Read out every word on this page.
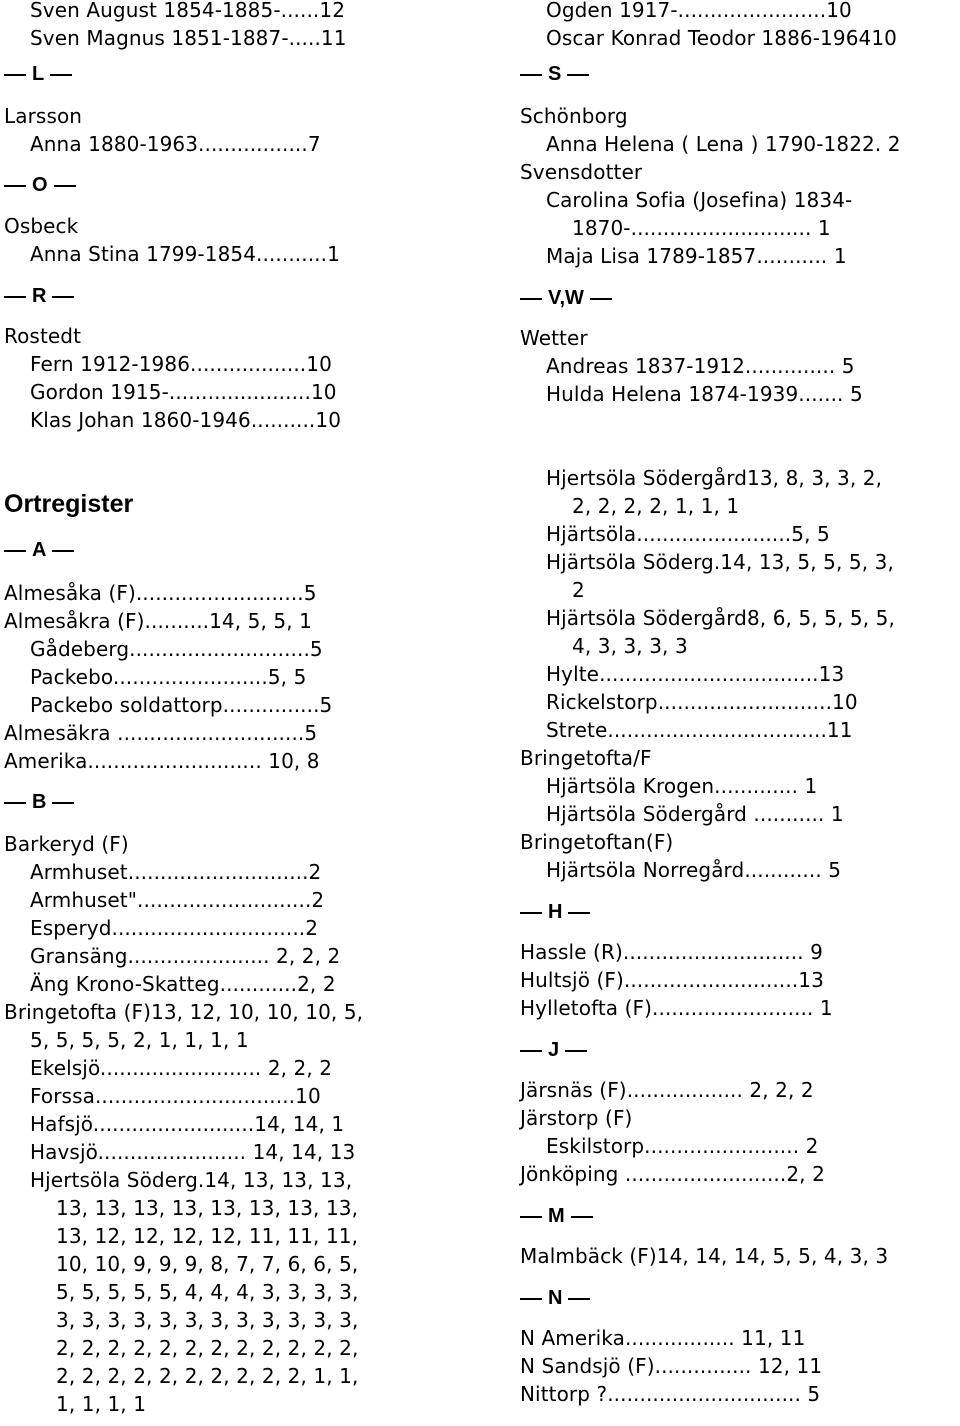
Sven August 1854-1885-......12
Sven Magnus 1851-1887-.....11
L
Larsson
Anna 1880-1963.................7
O
Osbeck
Anna Stina 1799-1854...........1
R
Rostedt
Fern 1912-1986..................10
Gordon 1915-......................10
Klas Johan 1860-1946..........10
Ogden 1917-.......................10
Oscar Konrad Teodor 1886-196410
S
Schönborg
Anna Helena ( Lena ) 1790-1822. 2
Svensdotter
Carolina Sofia (Josefina) 1834-
1870-............................ 1
Maja Lisa 1789-1857........... 1
V,W
Wetter
Andreas 1837-1912.............. 5
Hulda Helena 1874-1939....... 5
Ortregister
A
Almesåka (F)..........................5
Almesåkra (F)..........14, 5, 5, 1
Gådeberg............................5
Packebo........................5, 5
Packebo soldattorp...............5
Almesäkra .............................5
Amerika........................... 10, 8
B
Barkeryd (F)
Armhuset............................2
Armhuset"...........................2
Esperyd..............................2
Gransäng...................... 2, 2, 2
Äng Krono-Skatteg............2, 2
Bringetofta (F)13, 12, 10, 10, 10, 5,
5, 5, 5, 5, 2, 1, 1, 1, 1
Ekelsjö......................... 2, 2, 2
Forssa...............................10
Hafsjö.........................14, 14, 1
Havsjö....................... 14, 14, 13
Hjertsöla Söderg.14, 13, 13, 13,
13, 13, 13, 13, 13, 13, 13, 13,
13, 12, 12, 12, 12, 11, 11, 11,
10, 10, 9, 9, 9, 8, 7, 7, 6, 6, 5,
5, 5, 5, 5, 5, 4, 4, 4, 3, 3, 3, 3,
3, 3, 3, 3, 3, 3, 3, 3, 3, 3, 3, 3,
2, 2, 2, 2, 2, 2, 2, 2, 2, 2, 2, 2,
2, 2, 2, 2, 2, 2, 2, 2, 2, 2, 1, 1,
1, 1, 1, 1
Hjertsöla Södergård13, 8, 3, 3, 2,
2, 2, 2, 2, 1, 1, 1
Hjärtsöla........................5, 5
Hjärtsöla Söderg.14, 13, 5, 5, 5, 3,
2
Hjärtsöla Södergård8, 6, 5, 5, 5, 5,
4, 3, 3, 3, 3
Hylte..................................13
Rickelstorp...........................10
Strete..................................11
Bringetofta/F
Hjärtsöla Krogen............. 1
Hjärtsöla Södergård ........... 1
Bringetoftan(F)
Hjärtsöla Norregård............ 5
H
Hassle (R)............................ 9
Hultsjö (F)...........................13
Hylletofta (F)......................... 1
J
Järsnäs (F).................. 2, 2, 2
Järstorp (F)
Eskilstorp........................ 2
Jönköping .........................2, 2
M
Malmbäck (F)14, 14, 14, 5, 5, 4, 3, 3
N
N Amerika................. 11, 11
N Sandsjö (F)............... 12, 11
Nittorp ?.............................. 5
